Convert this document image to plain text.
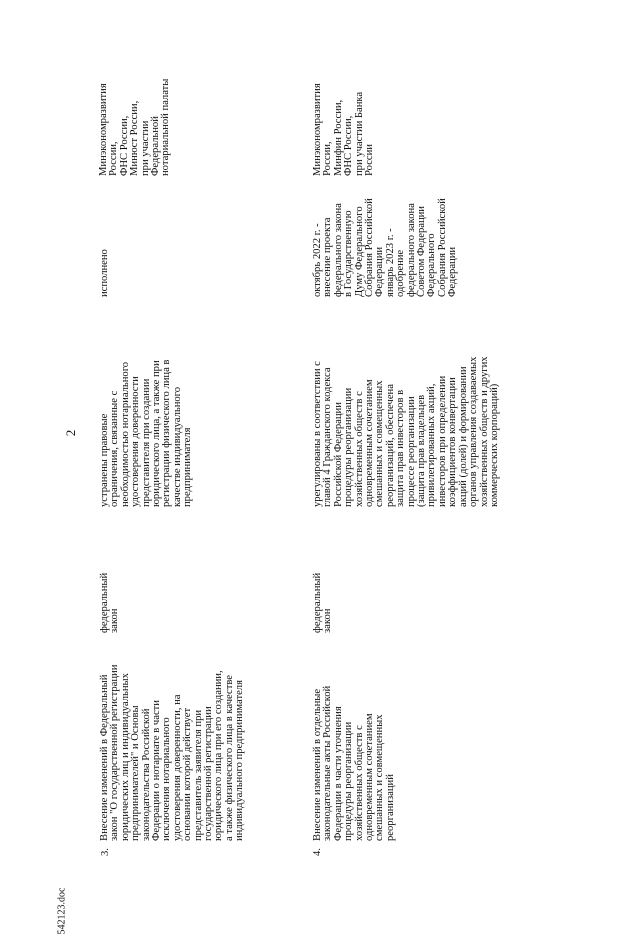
2
3.
Внесение изменений в Федеральный
закон "О государственной регистрации
юридических лиц и индивидуальных
предпринимателей" и Основы
законодательства Российской
Федерации о нотариате в части
исключения нотариального
удостоверения доверенности, на
основании которой действует
представитель заявителя при
государственной регистрации
юридического лица при его создании,
а также физического лица в качестве
индивидуального предпринимателя
федеральный
закон
устранены правовые
ограничения, связанные с
необходимостью нотариального
удостоверения доверенности
представителя при создании
юридического лица, а также при
регистрации физического лица в
качестве индивидуального
предпринимателя
исполнено
Минэкономразвития
России,
ФНС России,
Минюст России,
при участии
Федеральной
нотариальной палаты
4.
Внесение изменений в отдельные
законодательные акты Российской
Федерации в части уточнения
процедуры реорганизации
хозяйственных обществ с
одновременным сочетанием
смешанных и совмещенных
реорганизаций
федеральный
закон
урегулированы в соответствии с
главой 4 Гражданского кодекса
Российской Федерации
процедуры реорганизации
хозяйственных обществ с
одновременным сочетанием
смешанных и совмещенных
реорганизаций, обеспечена
защита прав инвесторов в
процессе реорганизации
(защита прав владельцев
привилегированных акций,
инвесторов при определении
коэффициентов конвертации
акций (долей) и формировании
органов управления создаваемых
хозяйственных обществ и других
коммерческих корпораций)
октябрь 2022 г. -
внесение проекта
федерального закона
в Государственную
Думу Федерального
Собрания Российской
Федерации
январь 2023 г. -
одобрение
федерального закона
Советом Федерации
Федерального
Собрания Российской
Федерации
Минэкономразвития
России,
Минфин России,
ФНС России,
при участии Банка
России
542123.doc
